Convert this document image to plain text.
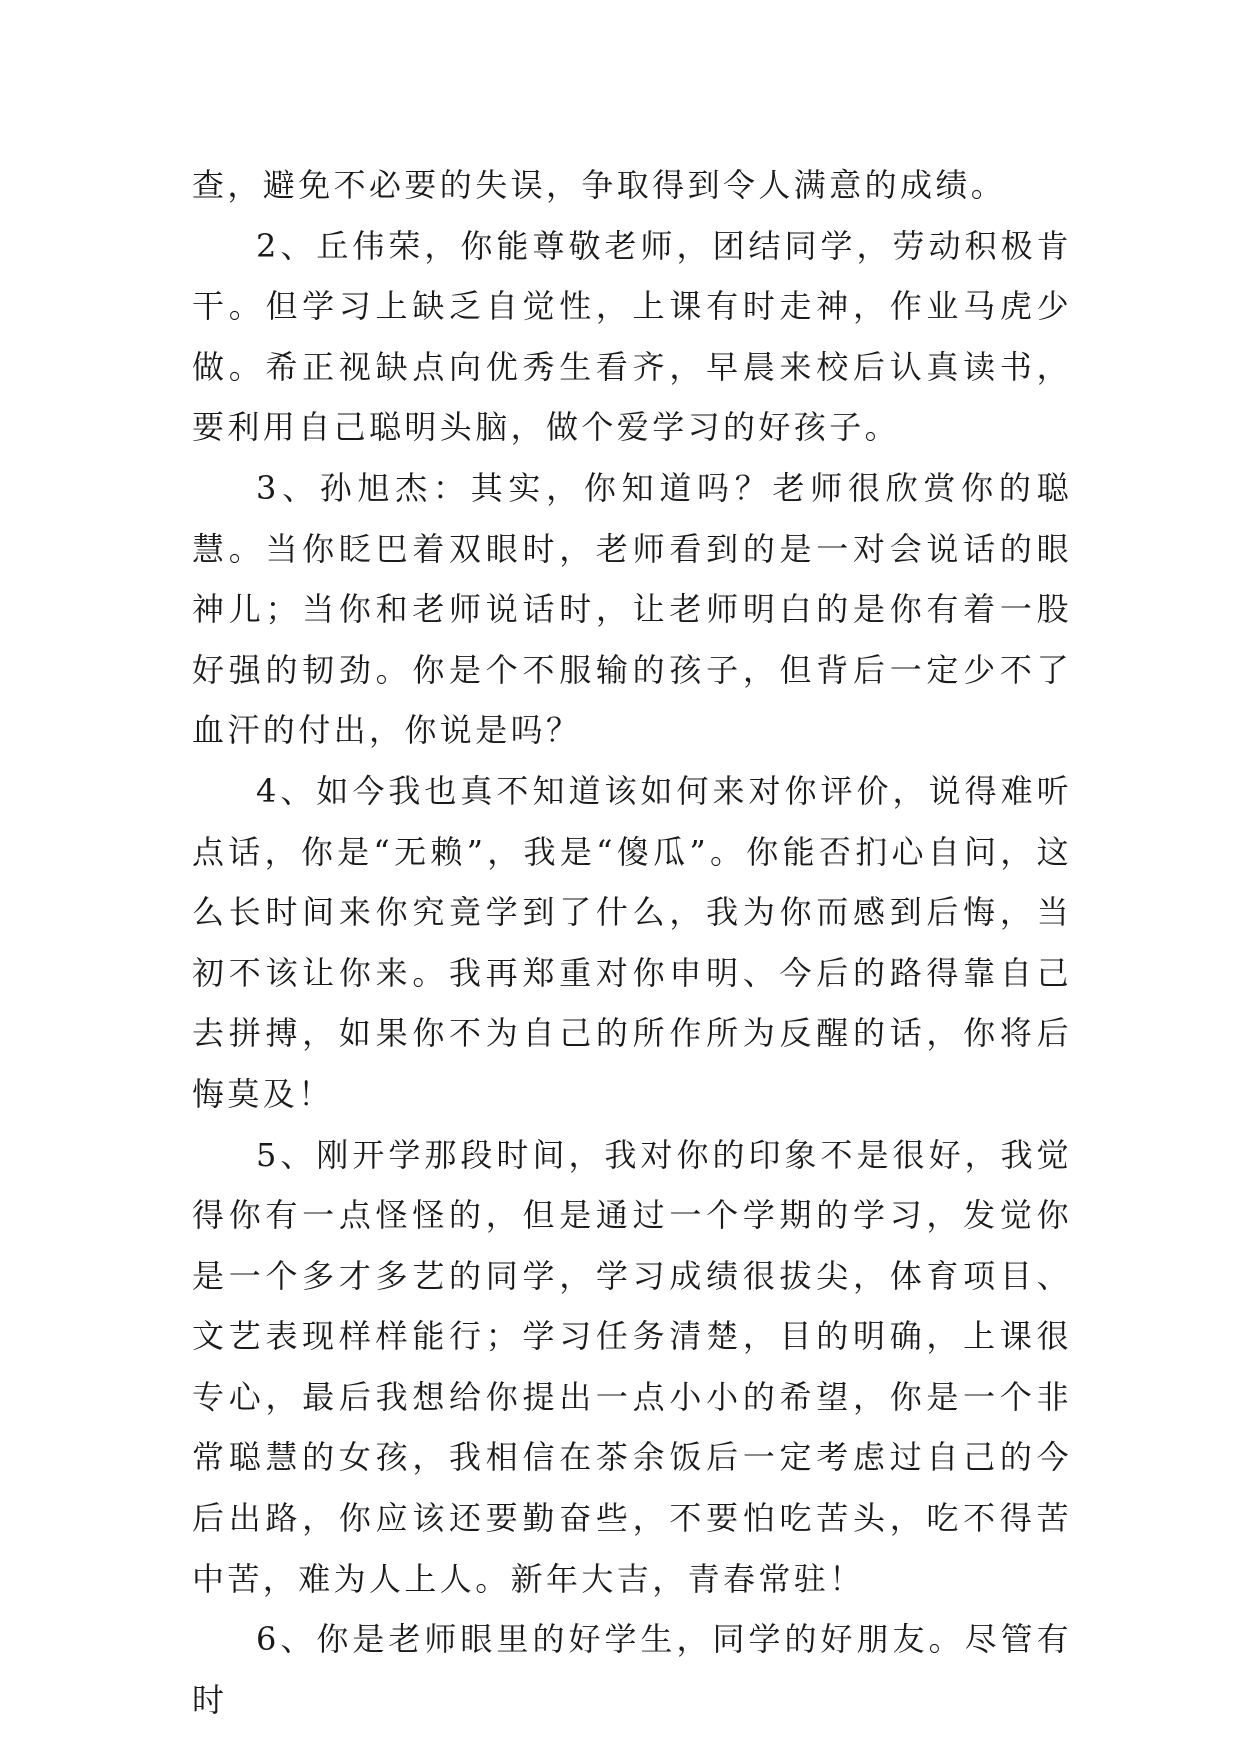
查，避免不必要的失误，争取得到令人满意的成绩。

2、丘伟荣，你能尊敬老师，团结同学，劳动积极肯干。但学习上缺乏自觉性，上课有时走神，作业马虎少做。希正视缺点向优秀生看齐，早晨来校后认真读书，要利用自己聪明头脑，做个爱学习的好孩子。

3、孙旭杰：其实，你知道吗？老师很欣赏你的聪慧。当你眨巴着双眼时，老师看到的是一对会说话的眼神儿；当你和老师说话时，让老师明白的是你有着一股好强的韧劲。你是个不服输的孩子，但背后一定少不了血汗的付出，你说是吗？

4、如今我也真不知道该如何来对你评价，说得难听点话，你是“无赖”，我是“傻瓜”。你能否扪心自问，这么长时间来你究竟学到了什么，我为你而感到后悔，当初不该让你来。我再郑重对你申明、今后的路得靠自己去拼搏，如果你不为自己的所作所为反醒的话，你将后悔莫及！

5、刚开学那段时间，我对你的印象不是很好，我觉得你有一点怪怪的，但是通过一个学期的学习，发觉你是一个多才多艺的同学，学习成绩很拔尖，体育项目、文艺表现样样能行；学习任务清楚，目的明确，上课很专心，最后我想给你提出一点小小的希望，你是一个非常聪慧的女孩，我相信在茶余饭后一定考虑过自己的今后出路，你应该还要勤奋些，不要怕吃苦头，吃不得苦中苦，难为人上人。新年大吉，青春常驻！

6、你是老师眼里的好学生，同学的好朋友。尽管有时
